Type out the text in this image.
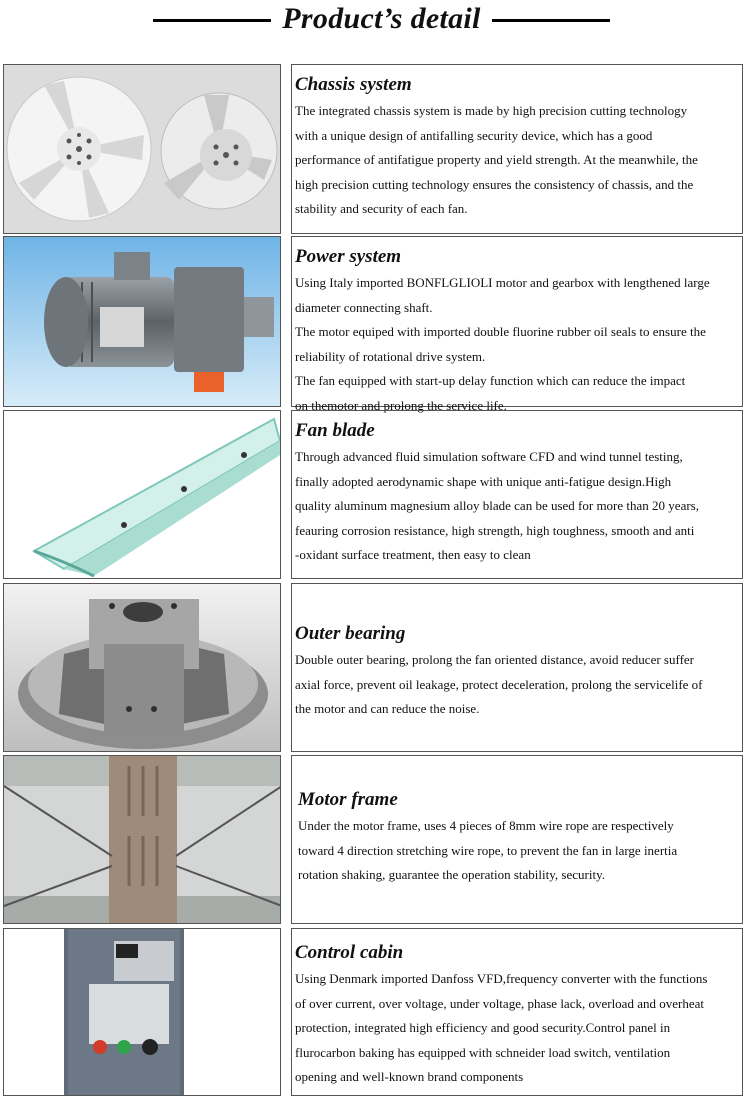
Product’s detail
Chassis system
The integrated chassis system is made by high precision cutting technology
with a unique design of antifalling security device, which has a good
performance of antifatigue property and yield strength. At the meanwhile, the
high precision cutting technology ensures the consistency of chassis, and the
stability and security of each fan.
Power system
Using Italy imported BONFLGLIOLI motor and gearbox with lengthened large
diameter connecting shaft.
The motor equiped with imported double fluorine rubber oil seals to ensure the
reliability of rotational drive system.
The fan equipped with start-up delay function which can reduce the impact
on themotor and prolong the service life.
Fan blade
Through advanced fluid simulation software CFD and wind tunnel testing,
finally adopted aerodynamic shape with unique anti-fatigue design.High
quality aluminum magnesium alloy blade can be used for more than 20 years,
feauring corrosion resistance, high strength, high toughness, smooth and anti
-oxidant surface treatment, then easy to clean
Outer bearing
Double outer bearing, prolong the fan oriented distance, avoid reducer suffer
axial force, prevent oil leakage, protect deceleration, prolong the servicelife of
the motor and can reduce the noise.
Motor frame
Under the motor frame, uses 4 pieces of 8mm wire rope are respectively
toward 4 direction stretching wire rope, to prevent the fan in large inertia
rotation shaking, guarantee the operation stability, security.
Control cabin
Using Denmark imported Danfoss VFD,frequency converter with the functions
of over current, over voltage, under voltage, phase lack, overload and overheat
protection, integrated high efficiency and good security.Control panel in
flurocarbon baking has equipped with schneider load switch, ventilation
opening and well-known brand components
